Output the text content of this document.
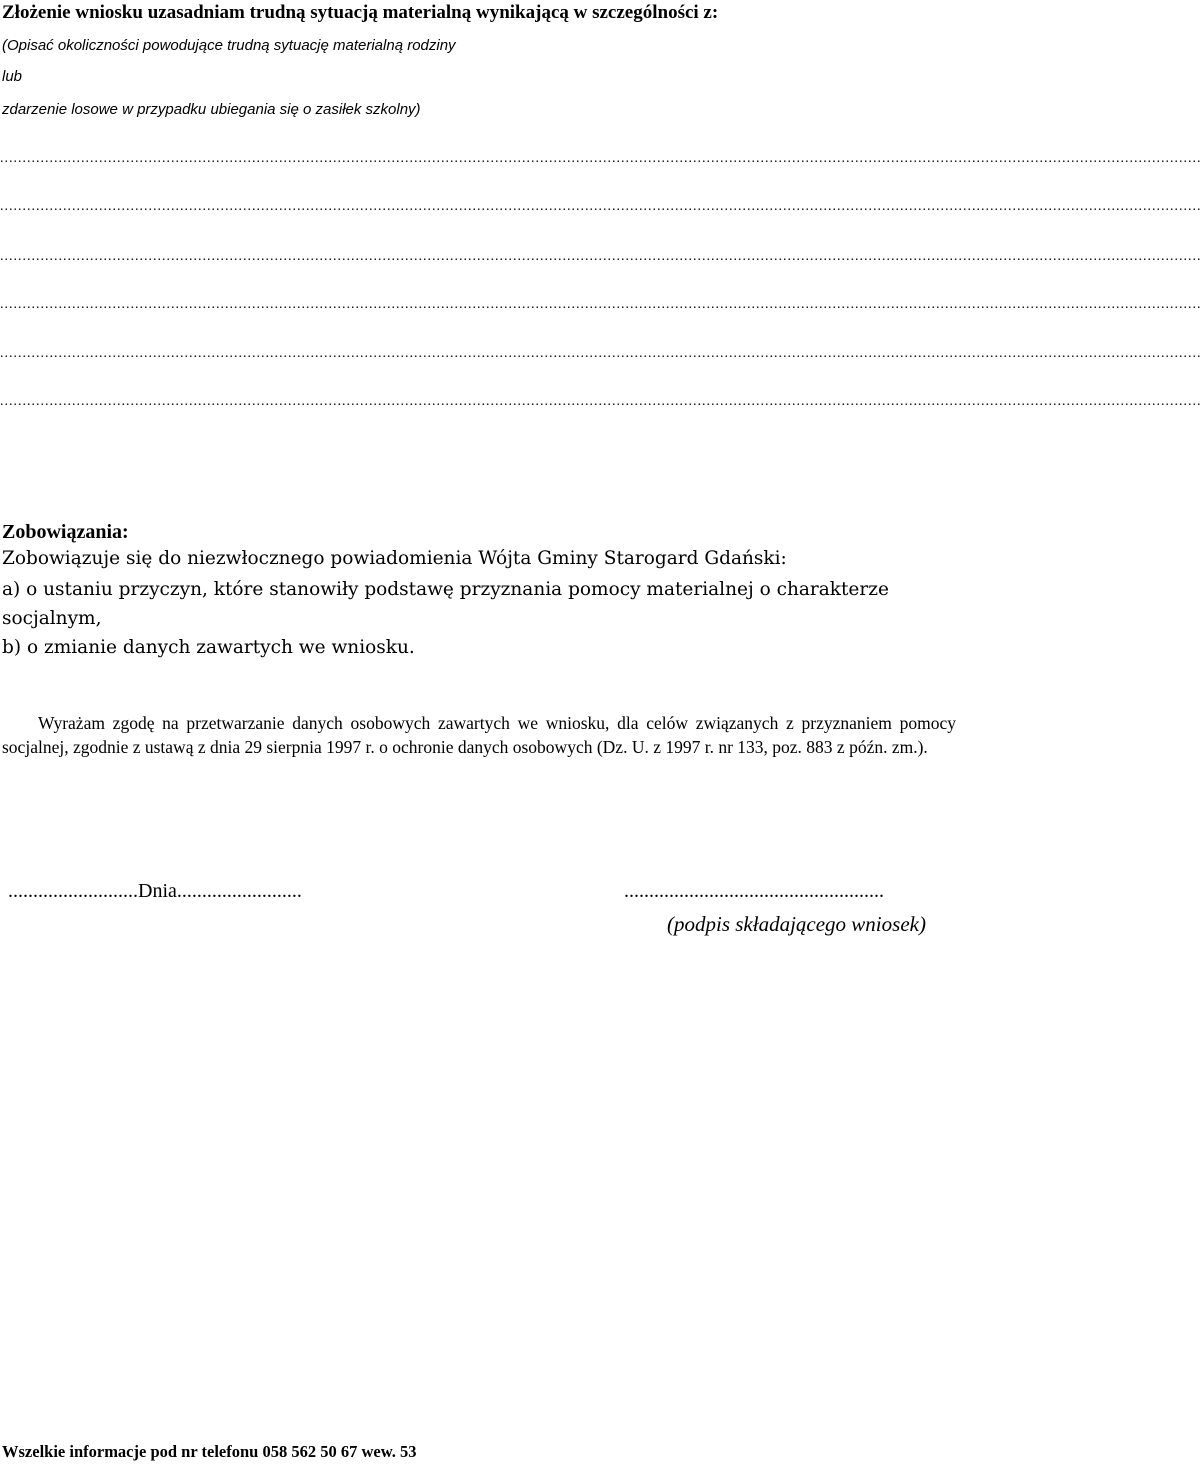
Złożenie wniosku uzasadniam trudną sytuacją materialną wynikającą w szczególności z:
(Opisać okoliczności powodujące trudną sytuację materialną rodziny
lub
zdarzenie losowe w przypadku ubiegania się o zasiłek szkolny)
...........................................................................................................................................................................................................................................................................
...........................................................................................................................................................................................................................................................................
...........................................................................................................................................................................................................................................................................
...........................................................................................................................................................................................................................................................................
...........................................................................................................................................................................................................................................................................
...........................................................................................................................................................................................................................................................................
Zobowiązania:
Zobowiązuje się do niezwłocznego powiadomienia Wójta Gminy Starogard Gdański:
a) o ustaniu przyczyn, które stanowiły podstawę przyznania pomocy materialnej o charakterze
socjalnym,
b) o zmianie danych zawartych we wniosku.
Wyrażam zgodę na przetwarzanie danych osobowych zawartych we wniosku, dla celów związanych z przyznaniem pomocy socjalnej, zgodnie z ustawą z dnia 29 sierpnia 1997 r. o ochronie danych osobowych (Dz. U. z 1997 r. nr 133, poz. 883 z późn. zm.).
..........................Dnia.........................	....................................................
(podpis składającego wniosek)
Wszelkie informacje pod nr telefonu 058 562 50 67 wew. 53
